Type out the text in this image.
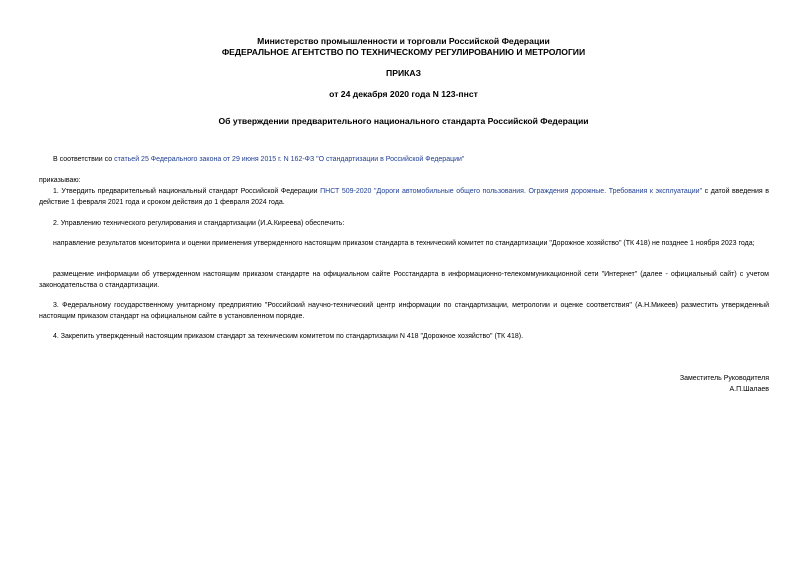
Министерство промышленности и торговли Российской Федерации
ФЕДЕРАЛЬНОЕ АГЕНТСТВО ПО ТЕХНИЧЕСКОМУ РЕГУЛИРОВАНИЮ И МЕТРОЛОГИИ
ПРИКАЗ
от 24 декабря 2020 года N 123-пнст
Об утверждении предварительного национального стандарта Российской Федерации
В соответствии со статьей 25 Федерального закона от 29 июня 2015 г. N 162-ФЗ "О стандартизации в Российской Федерации"
приказываю:
1. Утвердить предварительный национальный стандарт Российской Федерации ПНСТ 509-2020 "Дороги автомобильные общего пользования. Ограждения дорожные. Требования к эксплуатации" с датой введения в действие 1 февраля 2021 года и сроком действия до 1 февраля 2024 года.
2. Управлению технического регулирования и стандартизации (И.А.Киреева) обеспечить:
направление результатов мониторинга и оценки применения утвержденного настоящим приказом стандарта в технический комитет по стандартизации "Дорожное хозяйство" (ТК 418) не позднее 1 ноября 2023 года;
размещение информации об утвержденном настоящим приказом стандарте на официальном сайте Росстандарта в информационно-телекоммуникационной сети "Интернет" (далее - официальный сайт) с учетом законодательства о стандартизации.
3. Федеральному государственному унитарному предприятию "Российский научно-технический центр информации по стандартизации, метрологии и оценке соответствия" (А.Н.Микеев) разместить утвержденный настоящим приказом стандарт на официальном сайте в установленном порядке.
4. Закрепить утвержденный настоящим приказом стандарт за техническим комитетом по стандартизации N 418 "Дорожное хозяйство" (ТК 418).
Заместитель Руководителя
А.П.Шалаев
